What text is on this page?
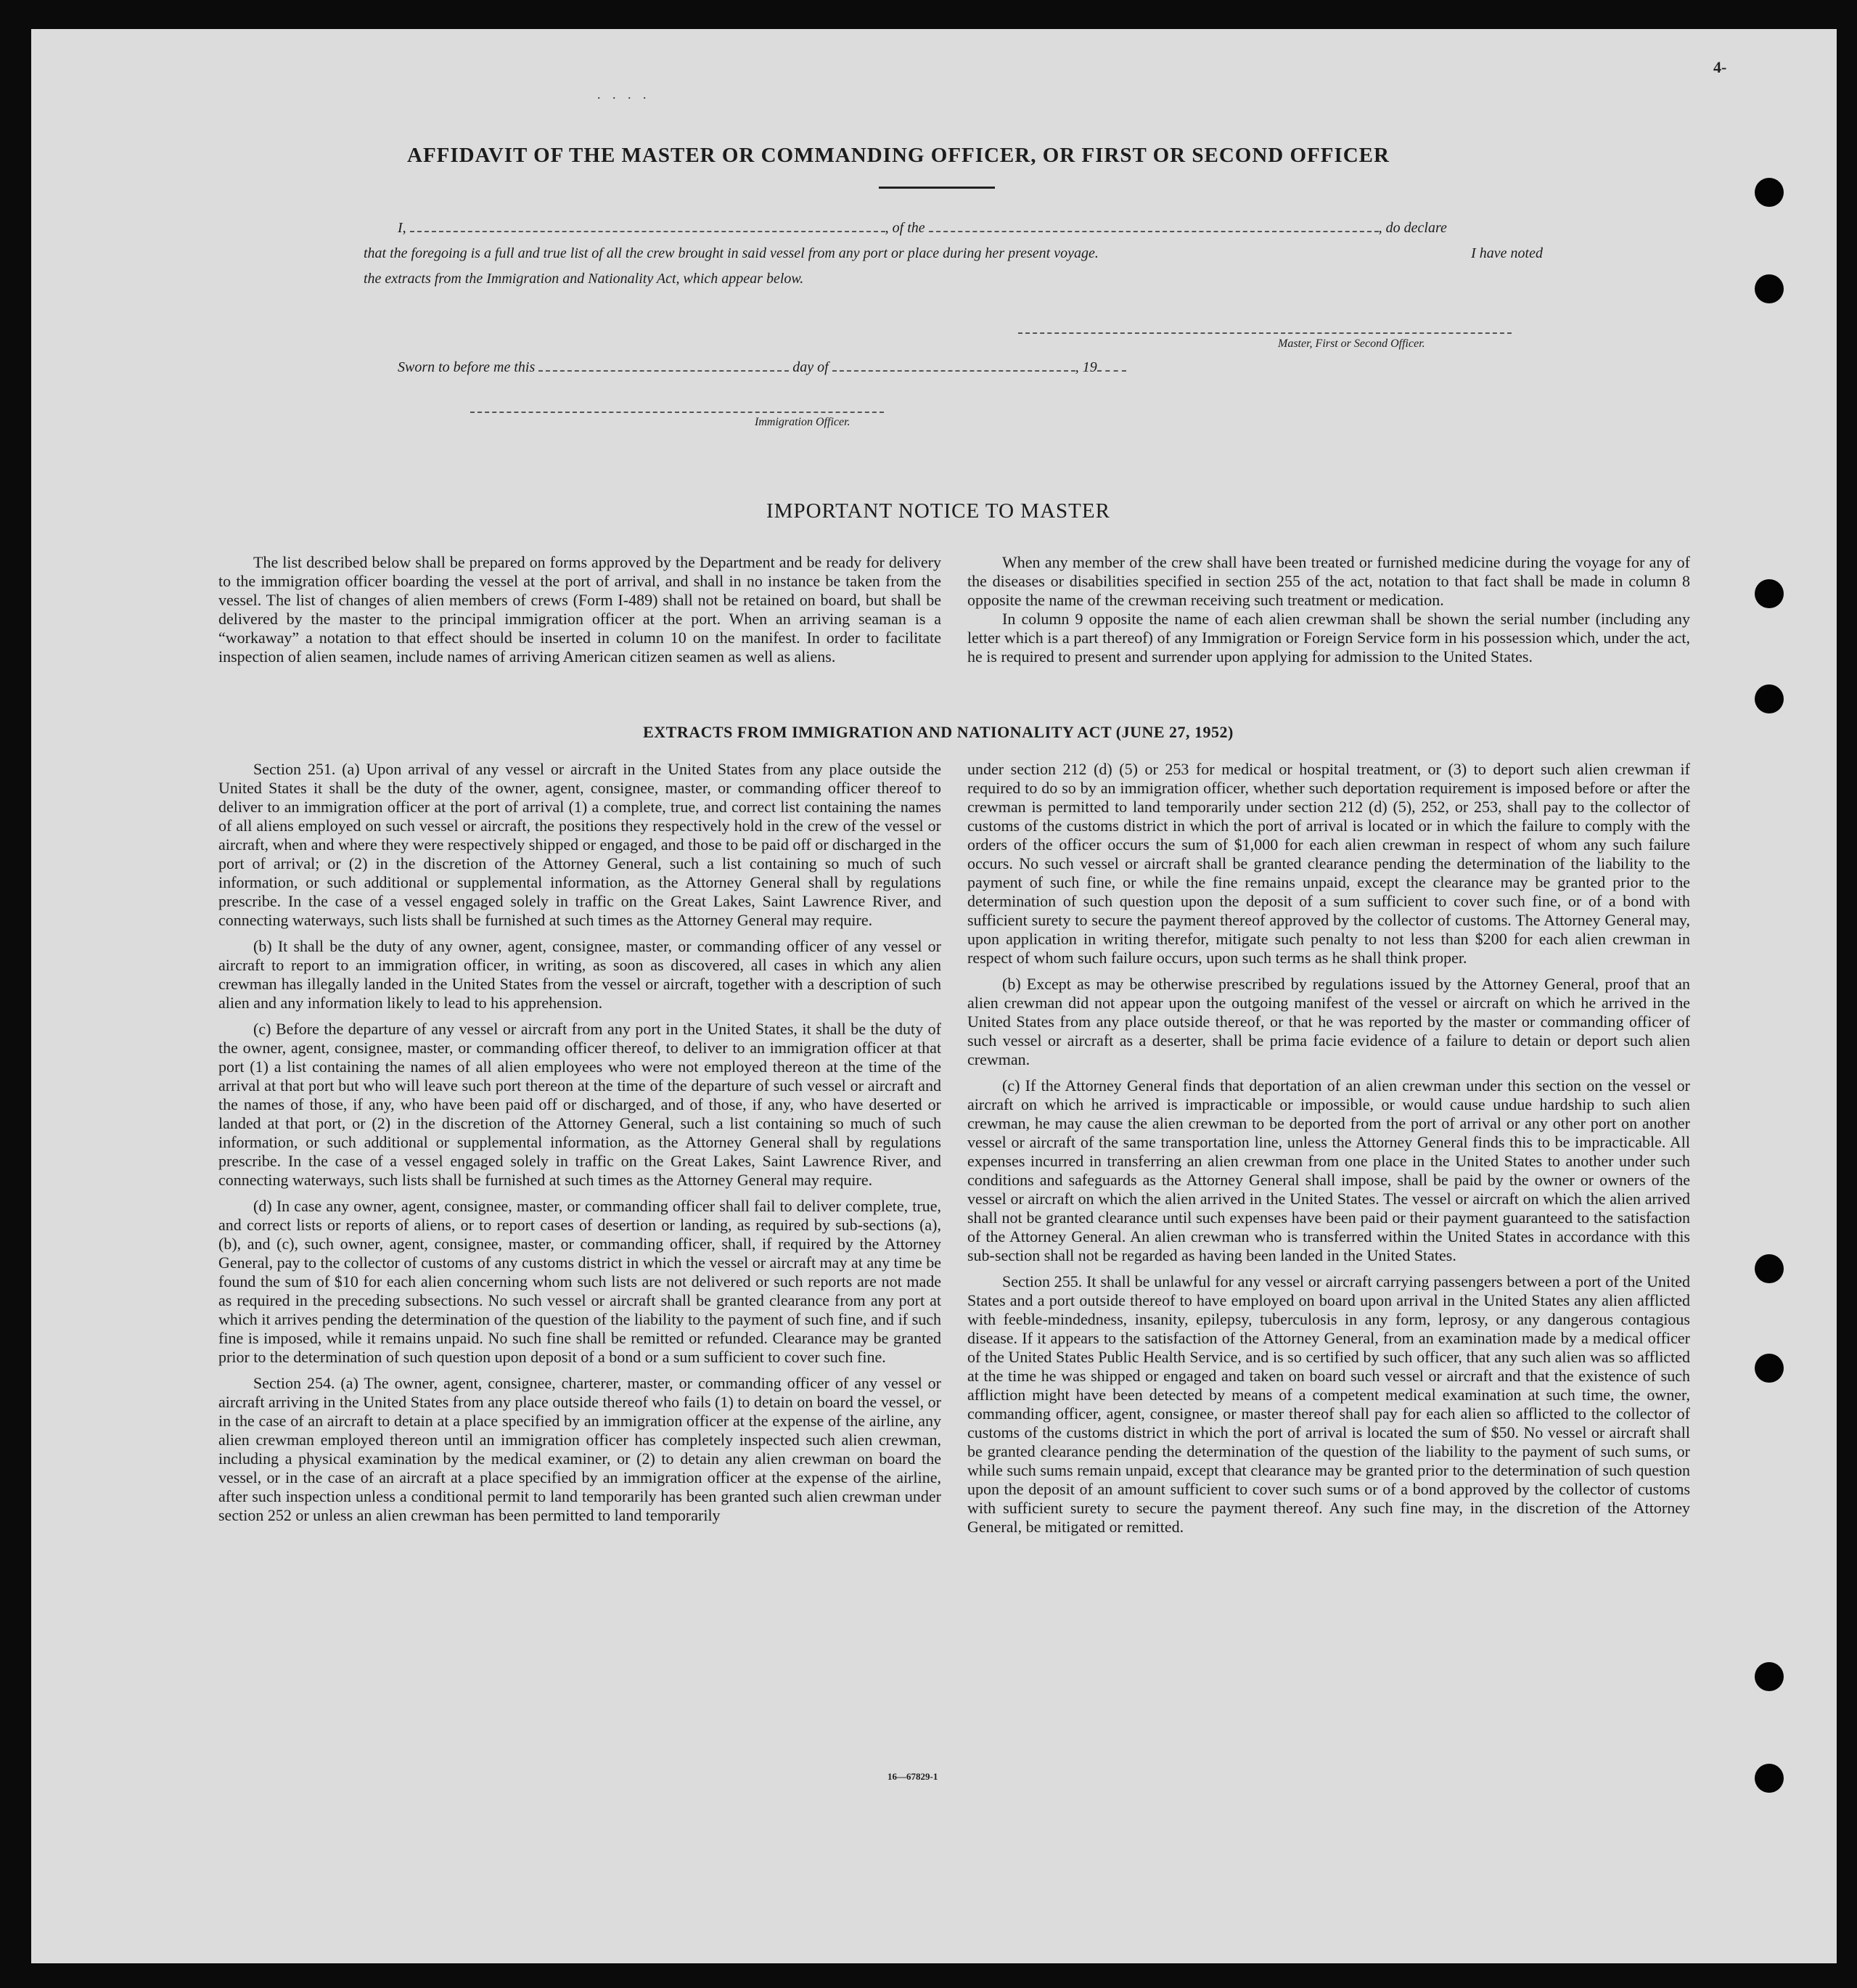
. . . .
4-
AFFIDAVIT OF THE MASTER OR COMMANDING OFFICER, OR FIRST OR SECOND OFFICER
I,	, of the	, do declare
that the foregoing is a full and true list of all the crew brought in said vessel from any port or place during her present voyage.	I have noted
the extracts from the Immigration and Nationality Act, which appear below.
Master, First or Second Officer.
Sworn to before me this	day of	, 19
Immigration Officer.
IMPORTANT NOTICE TO MASTER

The list described below shall be prepared on forms approved by the Department and be ready for delivery to the immigration officer boarding the vessel at the port of arrival, and shall in no instance be taken from the vessel. The list of changes of alien members of crews (Form I-489) shall not be retained on board, but shall be delivered by the master to the principal immigration officer at the port. When an arriving seaman is a “workaway” a notation to that effect should be inserted in column 10 on the manifest. In order to facilitate inspection of alien seamen, include names of arriving American citizen seamen as well as aliens.

When any member of the crew shall have been treated or furnished medicine during the voyage for any of the diseases or disabilities specified in section 255 of the act, notation to that fact shall be made in column 8 opposite the name of the crewman receiving such treatment or medication.

In column 9 opposite the name of each alien crewman shall be shown the serial number (including any letter which is a part thereof) of any Immigration or Foreign Service form in his possession which, under the act, he is required to present and surrender upon applying for admission to the United States.

EXTRACTS FROM IMMIGRATION AND NATIONALITY ACT (JUNE 27, 1952)

Section 251. (a) Upon arrival of any vessel or aircraft in the United States from any place outside the United States it shall be the duty of the owner, agent, consignee, master, or commanding officer thereof to deliver to an immigration officer at the port of arrival (1) a complete, true, and correct list containing the names of all aliens employed on such vessel or aircraft, the positions they respectively hold in the crew of the vessel or aircraft, when and where they were respectively shipped or engaged, and those to be paid off or discharged in the port of arrival; or (2) in the discretion of the Attorney General, such a list containing so much of such information, or such additional or supplemental information, as the Attorney General shall by regulations prescribe. In the case of a vessel engaged solely in traffic on the Great Lakes, Saint Lawrence River, and connecting waterways, such lists shall be furnished at such times as the Attorney General may require.

(b) It shall be the duty of any owner, agent, consignee, master, or commanding officer of any vessel or aircraft to report to an immigration officer, in writing, as soon as discovered, all cases in which any alien crewman has illegally landed in the United States from the vessel or aircraft, together with a description of such alien and any information likely to lead to his apprehension.

(c) Before the departure of any vessel or aircraft from any port in the United States, it shall be the duty of the owner, agent, consignee, master, or commanding officer thereof, to deliver to an immigration officer at that port (1) a list containing the names of all alien employees who were not employed thereon at the time of the arrival at that port but who will leave such port thereon at the time of the departure of such vessel or aircraft and the names of those, if any, who have been paid off or discharged, and of those, if any, who have deserted or landed at that port, or (2) in the discretion of the Attorney General, such a list containing so much of such information, or such additional or supplemental information, as the Attorney General shall by regulations prescribe. In the case of a vessel engaged solely in traffic on the Great Lakes, Saint Lawrence River, and connecting waterways, such lists shall be furnished at such times as the Attorney General may require.

(d) In case any owner, agent, consignee, master, or commanding officer shall fail to deliver complete, true, and correct lists or reports of aliens, or to report cases of desertion or landing, as required by sub-sections (a), (b), and (c), such owner, agent, consignee, master, or commanding officer, shall, if required by the Attorney General, pay to the collector of customs of any customs district in which the vessel or aircraft may at any time be found the sum of $10 for each alien concerning whom such lists are not delivered or such reports are not made as required in the preceding subsections. No such vessel or aircraft shall be granted clearance from any port at which it arrives pending the determination of the question of the liability to the payment of such fine, and if such fine is imposed, while it remains unpaid. No such fine shall be remitted or refunded. Clearance may be granted prior to the determination of such question upon deposit of a bond or a sum sufficient to cover such fine.

Section 254. (a) The owner, agent, consignee, charterer, master, or commanding officer of any vessel or aircraft arriving in the United States from any place outside thereof who fails (1) to detain on board the vessel, or in the case of an aircraft to detain at a place specified by an immigration officer at the expense of the airline, any alien crewman employed thereon until an immigration officer has completely inspected such alien crewman, including a physical examination by the medical examiner, or (2) to detain any alien crewman on board the vessel, or in the case of an aircraft at a place specified by an immigration officer at the expense of the airline, after such inspection unless a conditional permit to land temporarily has been granted such alien crewman under section 252 or unless an alien crewman has been permitted to land temporarily

under section 212 (d) (5) or 253 for medical or hospital treatment, or (3) to deport such alien crewman if required to do so by an immigration officer, whether such deportation requirement is imposed before or after the crewman is permitted to land temporarily under section 212 (d) (5), 252, or 253, shall pay to the collector of customs of the customs district in which the port of arrival is located or in which the failure to comply with the orders of the officer occurs the sum of $1,000 for each alien crewman in respect of whom any such failure occurs. No such vessel or aircraft shall be granted clearance pending the determination of the liability to the payment of such fine, or while the fine remains unpaid, except the clearance may be granted prior to the determination of such question upon the deposit of a sum sufficient to cover such fine, or of a bond with sufficient surety to secure the payment thereof approved by the collector of customs. The Attorney General may, upon application in writing therefor, mitigate such penalty to not less than $200 for each alien crewman in respect of whom such failure occurs, upon such terms as he shall think proper.

(b) Except as may be otherwise prescribed by regulations issued by the Attorney General, proof that an alien crewman did not appear upon the outgoing manifest of the vessel or aircraft on which he arrived in the United States from any place outside thereof, or that he was reported by the master or commanding officer of such vessel or aircraft as a deserter, shall be prima facie evidence of a failure to detain or deport such alien crewman.

(c) If the Attorney General finds that deportation of an alien crewman under this section on the vessel or aircraft on which he arrived is impracticable or impossible, or would cause undue hardship to such alien crewman, he may cause the alien crewman to be deported from the port of arrival or any other port on another vessel or aircraft of the same transportation line, unless the Attorney General finds this to be impracticable. All expenses incurred in transferring an alien crewman from one place in the United States to another under such conditions and safeguards as the Attorney General shall impose, shall be paid by the owner or owners of the vessel or aircraft on which the alien arrived in the United States. The vessel or aircraft on which the alien arrived shall not be granted clearance until such expenses have been paid or their payment guaranteed to the satisfaction of the Attorney General. An alien crewman who is transferred within the United States in accordance with this sub-section shall not be regarded as having been landed in the United States.

Section 255. It shall be unlawful for any vessel or aircraft carrying passengers between a port of the United States and a port outside thereof to have employed on board upon arrival in the United States any alien afflicted with feeble-mindedness, insanity, epilepsy, tuberculosis in any form, leprosy, or any dangerous contagious disease. If it appears to the satisfaction of the Attorney General, from an examination made by a medical officer of the United States Public Health Service, and is so certified by such officer, that any such alien was so afflicted at the time he was shipped or engaged and taken on board such vessel or aircraft and that the existence of such affliction might have been detected by means of a competent medical examination at such time, the owner, commanding officer, agent, consignee, or master thereof shall pay for each alien so afflicted to the collector of customs of the customs district in which the port of arrival is located the sum of $50. No vessel or aircraft shall be granted clearance pending the determination of the question of the liability to the payment of such sums, or while such sums remain unpaid, except that clearance may be granted prior to the determination of such question upon the deposit of an amount sufficient to cover such sums or of a bond approved by the collector of customs with sufficient surety to secure the payment thereof. Any such fine may, in the discretion of the Attorney General, be mitigated or remitted.

16—67829-1
